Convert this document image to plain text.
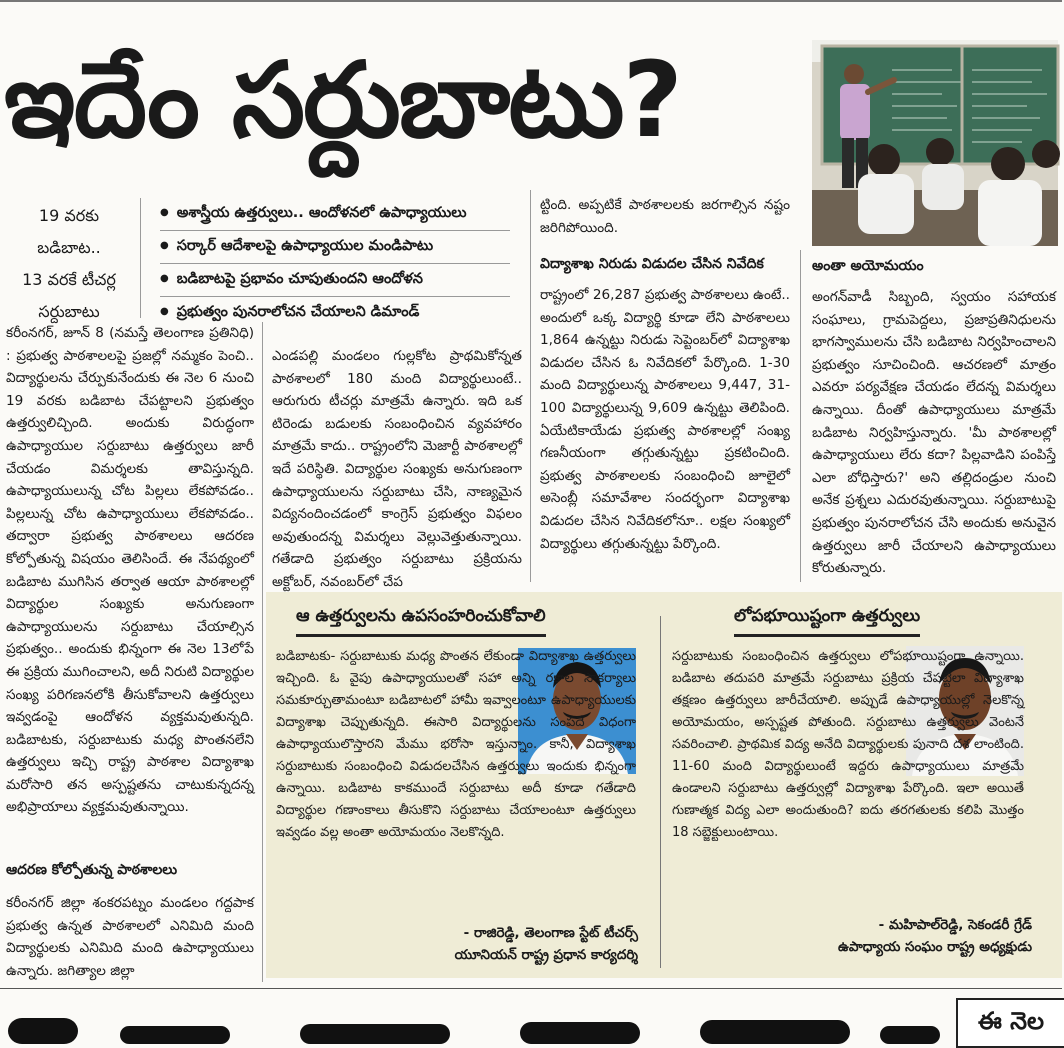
ఇదేం సర్దుబాటు?
19 వరకు
బడిబాట..
13 వరకే టీచర్ల
సర్దుబాటు
● అశాస్త్రీయ ఉత్తర్వులు.. ఆందోళనలో ఉపాధ్యాయులు
● సర్కార్ ఆదేశాలపై ఉపాధ్యాయుల మండిపాటు
● బడిబాటపై ప్రభావం చూపుతుందని ఆందోళన
● ప్రభుత్వం పునరాలోచన చేయాలని డిమాండ్

కరీంనగర్, జూన్ 8 (నమస్తే తెలంగాణ ప్రతినిధి) : ప్రభుత్వ పాఠశాలలపై ప్రజల్లో నమ్మకం పెంచి.. విద్యార్థులను చేర్పుకునేందుకు ఈ నెల 6 నుంచి 19 వరకు బడిబాట చేపట్టాలని ప్రభుత్వం ఉత్తర్వులిచ్చింది. అందుకు విరుద్ధంగా ఉపాధ్యాయుల సర్దుబాటు ఉత్తర్వులు జారీ చేయడం విమర్శలకు తావిస్తున్నది. ఉపాధ్యాయులున్న చోట పిల్లలు లేకపోవడం.. పిల్లలున్న చోట ఉపాధ్యాయులు లేకపోవడం.. తద్వారా ప్రభుత్వ పాఠశాలలు ఆదరణ కోల్పోతున్న విషయం తెలిసిందే. ఈ నేపథ్యంలో బడిబాట ముగిసిన తర్వాత ఆయా పాఠశాలల్లో విద్యార్థుల సంఖ్యకు అనుగుణంగా ఉపాధ్యాయులను సర్దుబాటు చేయాల్సిన ప్రభుత్వం.. అందుకు భిన్నంగా ఈ నెల 13లోపే ఈ ప్రక్రియ ముగించాలని, అదీ నిరుటి విద్యార్థుల సంఖ్య పరిగణనలోకి తీసుకోవాలని ఉత్తర్వులు ఇవ్వడంపై ఆందోళన వ్యక్తమవుతున్నది. బడిబాటకు, సర్దుబాటుకు మధ్య పొంతనలేని ఉత్తర్వులు ఇచ్చి రాష్ట్ర పాఠశాల విద్యాశాఖ మరోసారి తన అస్పష్టతను చాటుకున్నదన్న అభిప్రాయాలు వ్యక్తమవుతున్నాయి.

ఆదరణ కోల్పోతున్న పాఠశాలలు

కరీంనగర్ జిల్లా శంకరపట్నం మండలం గద్దపాక ప్రభుత్వ ఉన్నత పాఠశాలలో ఎనిమిది మంది విద్యార్థులకు ఎనిమిది మంది ఉపాధ్యాయులు ఉన్నారు. జగిత్యాల జిల్లా

ఎండపల్లి మండలం గుల్లకోట ప్రాథమికోన్నత పాఠశాలలో 180 మంది విద్యార్థులుంటే.. ఆరుగురు టీచర్లు మాత్రమే ఉన్నారు. ఇది ఒక టిరెండు బడులకు సంబంధించిన వ్యవహారం మాత్రమే కాదు.. రాష్ట్రంలోని మెజార్టీ పాఠశాలల్లో ఇదే పరిస్థితి. విద్యార్థుల సంఖ్యకు అనుగుణంగా ఉపాధ్యాయులను సర్దుబాటు చేసి, నాణ్యమైన విద్యనందించడంలో కాంగ్రెస్ ప్రభుత్వం విఫలం అవుతుందన్న విమర్శలు వెల్లువెత్తుతున్నాయి. గతేడాది ప్రభుత్వం సర్దుబాటు ప్రక్రియను అక్టోబర్, నవంబర్‌లో చేప

ట్టింది. అప్పటికే పాఠశాలలకు జరగాల్సిన నష్టం జరిగిపోయింది.

విద్యాశాఖ నిరుడు విడుదల చేసిన నివేదిక

రాష్ట్రంలో 26,287 ప్రభుత్వ పాఠశాలలు ఉంటే.. అందులో ఒక్క విద్యార్థి కూడా లేని పాఠశాలలు 1,864 ఉన్నట్టు నిరుడు సెప్టెంబర్‌లో విద్యాశాఖ విడుదల చేసిన ఓ నివేదికలో పేర్కొంది. 1-30 మంది విద్యార్థులున్న పాఠశాలలు 9,447, 31-100 విద్యార్థులున్న 9,609 ఉన్నట్టు తెలిపింది. ఏయేటికాయేడు ప్రభుత్వ పాఠశాలల్లో సంఖ్య గణనీయంగా తగ్గుతున్నట్టు ప్రకటించింది. ప్రభుత్వ పాఠశాలలకు సంబంధించి జూలైలో అసెంబ్లీ సమావేశాల సందర్భంగా విద్యాశాఖ విడుదల చేసిన నివేదికలోనూ.. లక్షల సంఖ్యలో విద్యార్థులు తగ్గుతున్నట్టు పేర్కొంది.

అంతా అయోమయం

అంగన్‌వాడీ సిబ్బంది, స్వయం సహాయక సంఘాలు, గ్రామపెద్దలు, ప్రజాప్రతినిధులను భాగస్వాములను చేసి బడిబాట నిర్వహించాలని ప్రభుత్వం సూచించింది. ఆచరణలో మాత్రం ఎవరూ పర్యవేక్షణ చేయడం లేదన్న విమర్శలు ఉన్నాయి. దీంతో ఉపాధ్యాయులు మాత్రమే బడిబాట నిర్వహిస్తున్నారు. 'మీ పాఠశాలల్లో ఉపాధ్యాయులు లేరు కదా? పిల్లవాడిని పంపిస్తే ఎలా బోధిస్తారు?' అని తల్లిదండ్రుల నుంచి అనేక ప్రశ్నలు ఎదురవుతున్నాయి. సర్దుబాటుపై ప్రభుత్వం పునరాలోచన చేసి అందుకు అనువైన ఉత్తర్వులు జారీ చేయాలని ఉపాధ్యాయులు కోరుతున్నారు.

ఆ ఉత్తర్వులను ఉపసంహరించుకోవాలి

బడిబాటకు- సర్దుబాటుకు మధ్య పొంతన లేకుండా విద్యాశాఖ ఉత్తర్వులు ఇచ్చింది. ఓ వైపు ఉపాధ్యాయులతో సహా అన్ని రకాల సౌకర్యాలు సమకూర్చుతామంటూ బడిబాటలో హామీ ఇవ్వాలంటూ ఉపాధ్యాయులకు విద్యాశాఖ చెప్పుతున్నది. ఈసారి విద్యార్థులను సంపదే విధంగా ఉపాధ్యాయులొస్తారని మేము భరోసా ఇస్తున్నాం. కానీ, విద్యాశాఖ సర్దుబాటుకు సంబంధించి విడుదలచేసిన ఉత్తర్వులు ఇందుకు భిన్నంగా ఉన్నాయి. బడిబాట కాకముందే సర్దుబాటు అదీ కూడా గతేడాది విద్యార్థుల గణాంకాలు తీసుకొని సర్దుబాటు చేయాలంటూ ఉత్తర్వులు ఇవ్వడం వల్ల అంతా అయోమయం నెలకొన్నది.

- రాజిరెడ్డి, తెలంగాణ స్టేట్ టీచర్స్
యూనియన్ రాష్ట్ర ప్రధాన కార్యదర్శి
లోపభూయిష్టంగా ఉత్తర్వులు

సర్దుబాటుకు సంబంధించిన ఉత్తర్వులు లోపభూయిష్టంగా ఉన్నాయి. బడిబాట తదుపరి మాత్రమే సర్దుబాటు ప్రక్రియ చేపట్టేలా విద్యాశాఖ తక్షణం ఉత్తర్వులు జారీచేయాలి. అప్పుడే ఉపాధ్యాయుల్లో నెలకొన్న అయోమయం, అస్పష్టత పోతుంది. సర్దుబాటు ఉత్తర్వులు వెంటనే సవరించాలి. ప్రాథమిక విద్య అనేది విద్యార్థులకు పునాది దశ లాంటింది. 11-60 మంది విద్యార్థులుంటే ఇద్దరు ఉపాధ్యాయులు మాత్రమే ఉండాలని సర్దుబాటు ఉత్తర్వుల్లో విద్యాశాఖ పేర్కొంది. ఇలా అయితే గుణాత్మక విద్య ఎలా అందుతుంది? ఐదు తరగతులకు కలిపి మొత్తం 18 సబ్జెక్టులుంటాయి.

- మహిపాల్‌రెడ్డి, సెకండరీ గ్రేడ్
ఉపాధ్యాయ సంఘం రాష్ట్ర అధ్యక్షుడు
ఈ నెల
